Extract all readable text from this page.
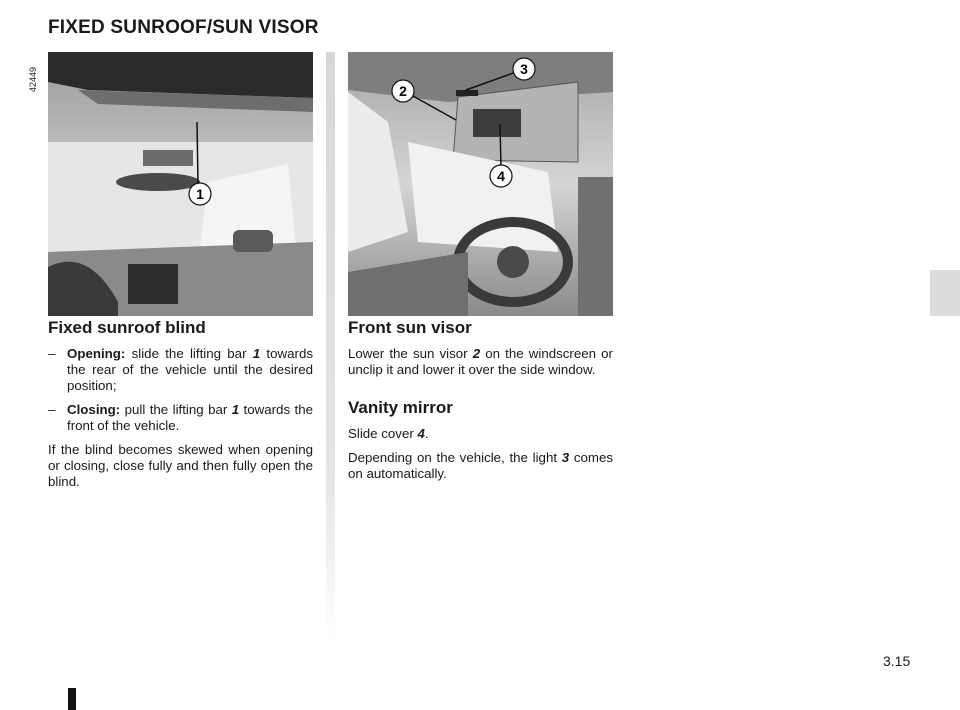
FIXED SUNROOF/SUN VISOR
42449
1
2
3
4
Fixed sunroof blind
– Opening: slide the lifting bar 1 towards the rear of the vehicle until the desired position;
– Closing: pull the lifting bar 1 towards the front of the vehicle.

If the blind becomes skewed when opening or closing, close fully and then fully open the blind.

Front sun visor

Lower the sun visor 2 on the windscreen or unclip it and lower it over the side window.

Vanity mirror

Slide cover 4.

Depending on the vehicle, the light 3 comes on automatically.

3.15
